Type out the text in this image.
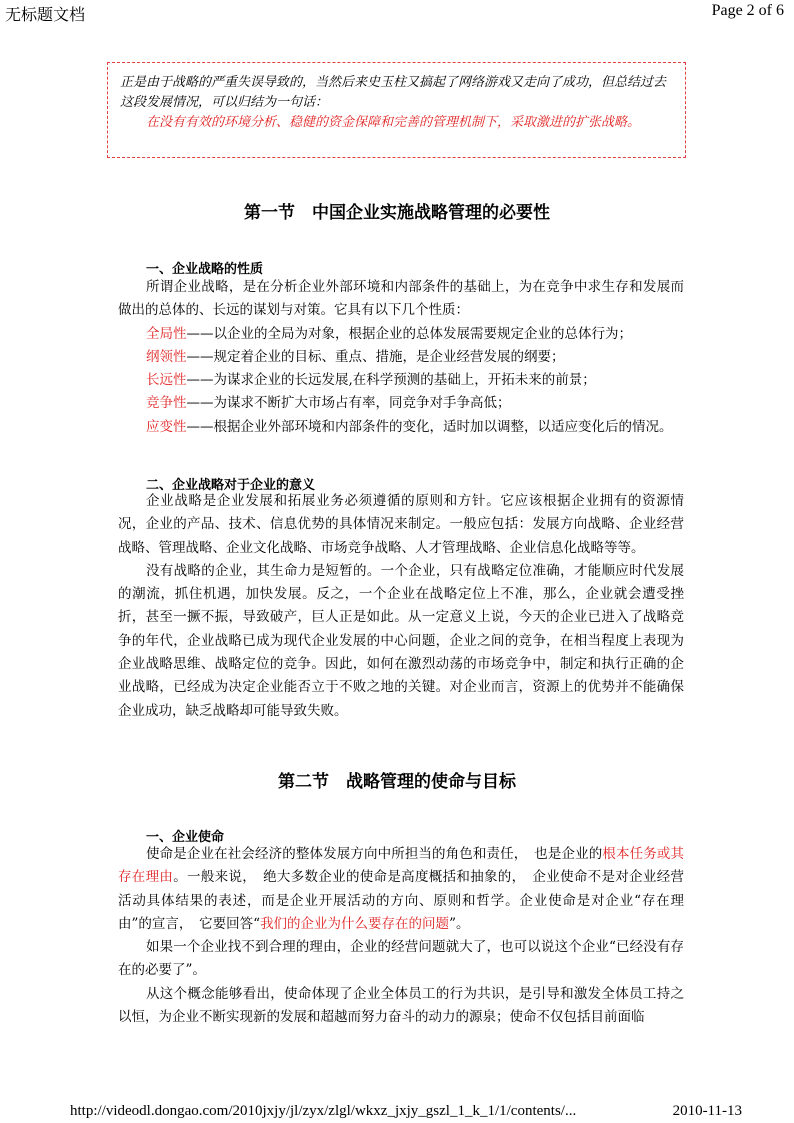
无标题文档	Page 2 of 6

正是由于战略的严重失误导致的，当然后来史玉柱又搞起了网络游戏又走向了成功，但总结过去这段发展情况，可以归结为一句话：

在没有有效的环境分析、稳健的资金保障和完善的管理机制下，采取激进的扩张战略。

第一节　中国企业实施战略管理的必要性
一、企业战略的性质

所谓企业战略，是在分析企业外部环境和内部条件的基础上，为在竞争中求生存和发展而做出的总体的、长远的谋划与对策。它具有以下几个性质：

全局性——以企业的全局为对象，根据企业的总体发展需要规定企业的总体行为；

纲领性——规定着企业的目标、重点、措施，是企业经营发展的纲要；

长远性——为谋求企业的长远发展,在科学预测的基础上，开拓未来的前景；

竞争性——为谋求不断扩大市场占有率，同竞争对手争高低；

应变性——根据企业外部环境和内部条件的变化，适时加以调整，以适应变化后的情况。

二、企业战略对于企业的意义

企业战略是企业发展和拓展业务必须遵循的原则和方针。它应该根据企业拥有的资源情况，企业的产品、技术、信息优势的具体情况来制定。一般应包括：发展方向战略、企业经营战略、管理战略、企业文化战略、市场竞争战略、人才管理战略、企业信息化战略等等。

没有战略的企业，其生命力是短暂的。一个企业，只有战略定位准确，才能顺应时代发展的潮流，抓住机遇，加快发展。反之，一个企业在战略定位上不准，那么，企业就会遭受挫折，甚至一撅不振，导致破产，巨人正是如此。从一定意义上说，今天的企业已进入了战略竞争的年代，企业战略已成为现代企业发展的中心问题，企业之间的竞争，在相当程度上表现为企业战略思维、战略定位的竞争。因此，如何在激烈动荡的市场竞争中，制定和执行正确的企业战略，已经成为决定企业能否立于不败之地的关键。对企业而言，资源上的优势并不能确保企业成功，缺乏战略却可能导致失败。

第二节　战略管理的使命与目标
一、企业使命

使命是企业在社会经济的整体发展方向中所担当的角色和责任，　也是企业的根本任务或其存在理由。一般来说，　绝大多数企业的使命是高度概括和抽象的，　企业使命不是对企业经营活动具体结果的表述，而是企业开展活动的方向、原则和哲学。企业使命是对企业“存在理由”的宣言，　它要回答“我们的企业为什么要存在的问题”。

如果一个企业找不到合理的理由，企业的经营问题就大了，也可以说这个企业“已经没有存在的必要了”。

从这个概念能够看出，使命体现了企业全体员工的行为共识，是引导和激发全体员工持之以恒，为企业不断实现新的发展和超越而努力奋斗的动力的源泉；使命不仅包括目前面临

http://videodl.dongao.com/2010jxjy/jl/zyx/zlgl/wkxz_jxjy_gszl_1_k_1/1/contents/...	2010-11-13
